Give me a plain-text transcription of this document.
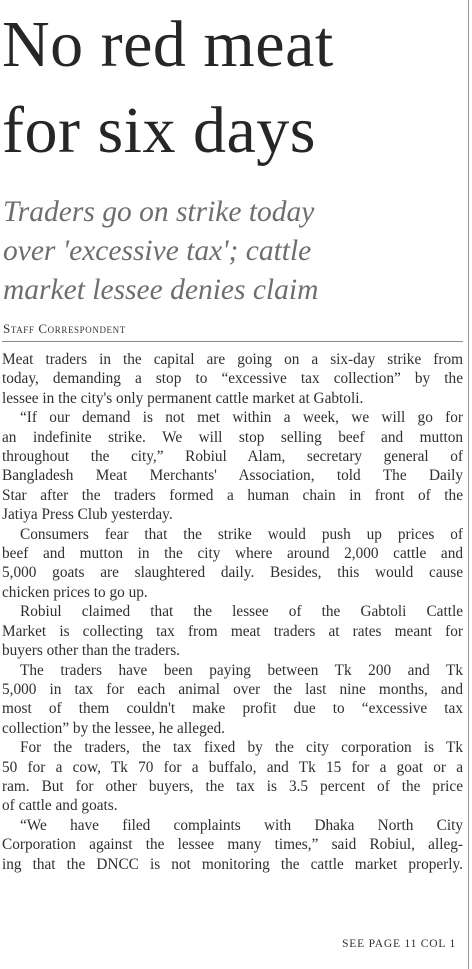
No red meat
for six days
Traders go on strike today
over 'excessive tax'; cattle
market lessee denies claim
Staff Correspondent

Meat traders in the capital are going on a six-day strike from
today, demanding a stop to “excessive tax collection” by the
lessee in the city's only permanent cattle market at Gabtoli.

“If our demand is not met within a week, we will go for
an indefinite strike. We will stop selling beef and mutton
throughout the city,” Robiul Alam, secretary general of
Bangladesh Meat Merchants' Association, told The Daily
Star after the traders formed a human chain in front of the
Jatiya Press Club yesterday.

Consumers fear that the strike would push up prices of
beef and mutton in the city where around 2,000 cattle and
5,000 goats are slaughtered daily. Besides, this would cause
chicken prices to go up.

Robiul claimed that the lessee of the Gabtoli Cattle
Market is collecting tax from meat traders at rates meant for
buyers other than the traders.

The traders have been paying between Tk 200 and Tk
5,000 in tax for each animal over the last nine months, and
most of them couldn't make profit due to “excessive tax
collection” by the lessee, he alleged.

For the traders, the tax fixed by the city corporation is Tk
50 for a cow, Tk 70 for a buffalo, and Tk 15 for a goat or a
ram. But for other buyers, the tax is 3.5 percent of the price
of cattle and goats.

“We have filed complaints with Dhaka North City
Corporation against the lessee many times,” said Robiul, alleg-
ing that the DNCC is not monitoring the cattle market properly.

SEE PAGE 11 COL 1
